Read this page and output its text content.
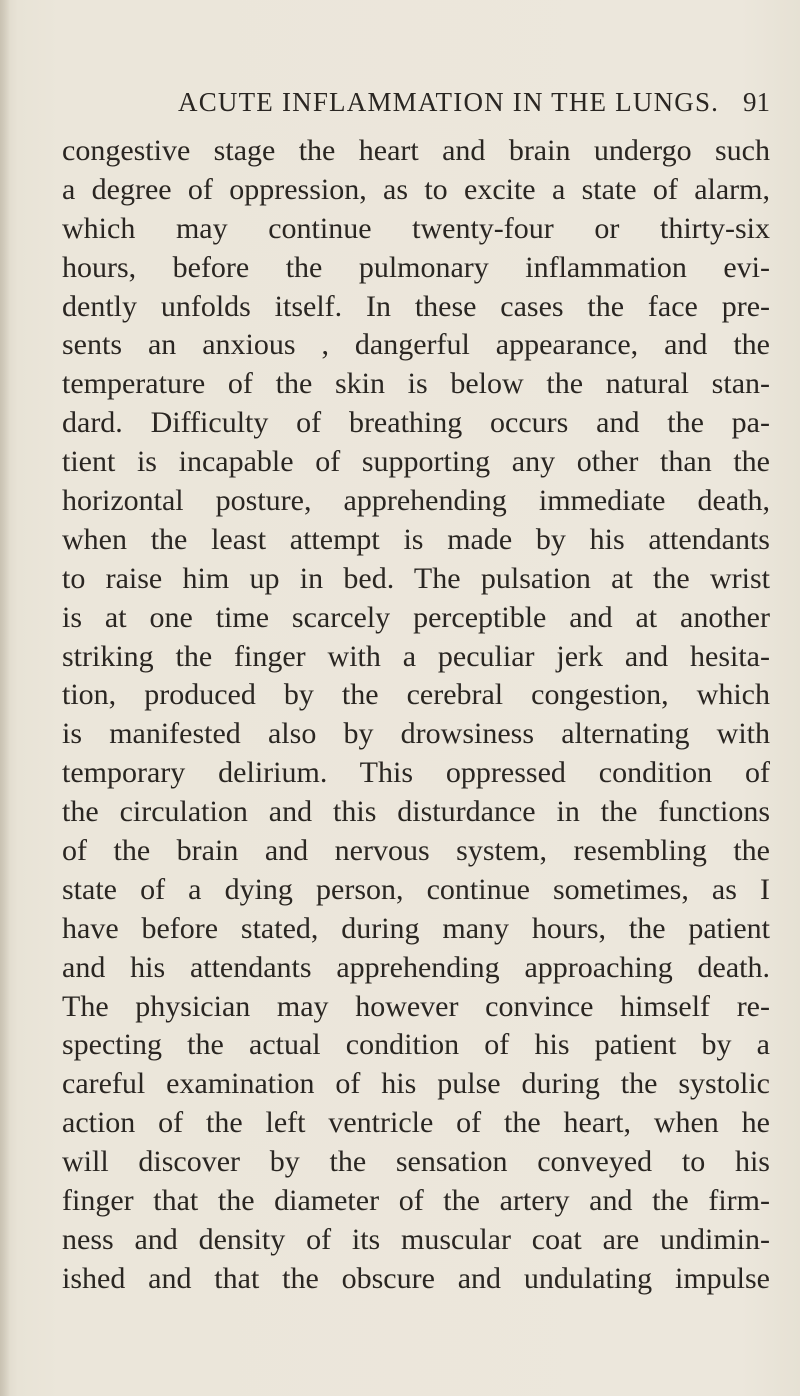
ACUTE INFLAMMATION IN THE LUNGS. 91
congestive stage the heart and brain undergo such
a degree of oppression, as to excite a state of alarm,
which may continue twenty-four or thirty-six
hours, before the pulmonary inflammation evi-
dently unfolds itself. In these cases the face pre-
sents an anxious , dangerful appearance, and the
temperature of the skin is below the natural stan-
dard. Difficulty of breathing occurs and the pa-
tient is incapable of supporting any other than the
horizontal posture, apprehending immediate death,
when the least attempt is made by his attendants
to raise him up in bed. The pulsation at the wrist
is at one time scarcely perceptible and at another
striking the finger with a peculiar jerk and hesita-
tion, produced by the cerebral congestion, which
is manifested also by drowsiness alternating with
temporary delirium. This oppressed condition of
the circulation and this disturdance in the functions
of the brain and nervous system, resembling the
state of a dying person, continue sometimes, as I
have before stated, during many hours, the patient
and his attendants apprehending approaching death.
The physician may however convince himself re-
specting the actual condition of his patient by a
careful examination of his pulse during the systolic
action of the left ventricle of the heart, when he
will discover by the sensation conveyed to his
finger that the diameter of the artery and the firm-
ness and density of its muscular coat are undimin-
ished and that the obscure and undulating impulse
